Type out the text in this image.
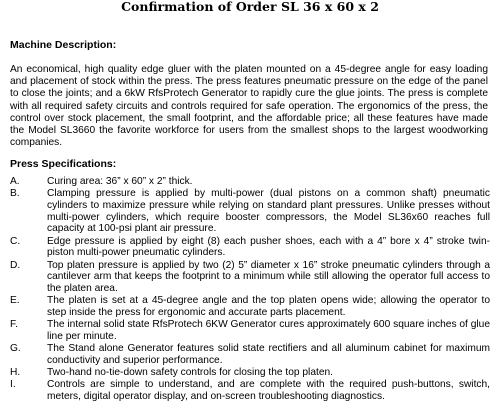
Confirmation of Order SL 36 x 60 x 2
Machine Description:

An economical, high quality edge gluer with the platen mounted on a 45-degree angle for easy loading and placement of stock within the press. The press features pneumatic pressure on the edge of the panel to close the joints; and a 6kW RfsProtech Generator to rapidly cure the glue joints. The press is complete with all required safety circuits and controls required for safe operation. The ergonomics of the press, the control over stock placement, the small footprint, and the affordable price; all these features have made the Model SL3660 the favorite workforce for users from the smallest shops to the largest woodworking companies.

Press Specifications:
A.	Curing area: 36” x 60” x 2” thick.
B.	Clamping pressure is applied by multi-power (dual pistons on a common shaft) pneumatic cylinders to maximize pressure while relying on standard plant pressures. Unlike presses without multi-power cylinders, which require booster compressors, the Model SL36x60 reaches full capacity at 100-psi plant air pressure.
C.	Edge pressure is applied by eight (8) each pusher shoes, each with a 4” bore x 4” stroke twin-piston multi-power pneumatic cylinders.
D.	Top platen pressure is applied by two (2) 5” diameter x 16” stroke pneumatic cylinders through a cantilever arm that keeps the footprint to a minimum while still allowing the operator full access to the platen area.
E.	The platen is set at a 45-degree angle and the top platen opens wide; allowing the operator to step inside the press for ergonomic and accurate parts placement.
F.	The internal solid state RfsProtech 6KW Generator cures approximately 600 square inches of glue line per minute.
G.	The Stand alone Generator features solid state rectifiers and all aluminum cabinet for maximum conductivity and superior performance.
H.	Two-hand no-tie-down safety controls for closing the top platen.
I.	Controls are simple to understand, and are complete with the required push-buttons, switch, meters, digital operator display, and on-screen troubleshooting diagnostics.
